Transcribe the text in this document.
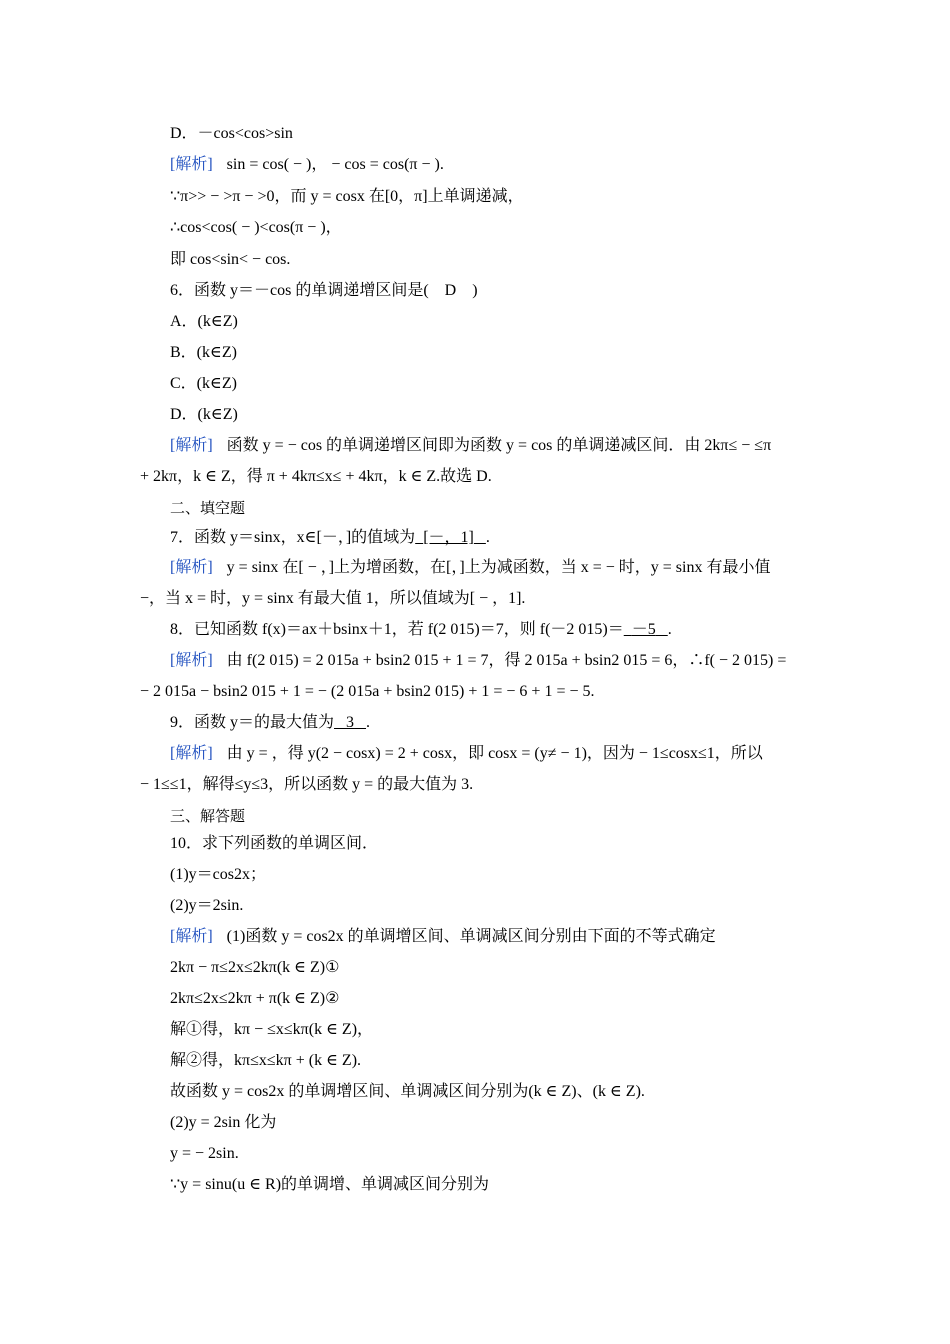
D．－cos<cos>sin
[解析] sin = cos( − )， − cos = cos(π − ).
∵π>> − >π − >0，而 y = cosx 在[0，π]上单调递减，
∴cos<cos( − )<cos(π − )，
即 cos<sin< − cos.
6．函数 y＝－cos 的单调递增区间是(　D　)
A．(k∈Z)
B．(k∈Z)
C．(k∈Z)
D．(k∈Z)
[解析] 函数 y = − cos 的单调递增区间即为函数 y = cos 的单调递减区间．由 2kπ≤ − ≤π
+ 2kπ，k ∈ Z，得 π + 4kπ≤x≤ + 4kπ，k ∈ Z.故选 D.
二、填空题
7．函数 y＝sinx，x∈[－，]的值域为 [－，1] .
[解析] y = sinx 在[ − ，]上为增函数，在[，]上为减函数，当 x = − 时，y = sinx 有最小值
−，当 x = 时，y = sinx 有最大值 1，所以值域为[ − ，1].
8．已知函数 f(x)＝ax＋bsinx＋1，若 f(2 015)＝7，则 f(－2 015)＝ －5 .
[解析] 由 f(2 015) = 2 015a + bsin2 015 + 1 = 7，得 2 015a + bsin2 015 = 6，∴f( − 2 015) =
− 2 015a − bsin2 015 + 1 = − (2 015a + bsin2 015) + 1 = − 6 + 1 = − 5.
9．函数 y＝的最大值为 3 .
[解析] 由 y = ，得 y(2 − cosx) = 2 + cosx，即 cosx = (y≠ − 1)，因为 − 1≤cosx≤1，所以
− 1≤≤1，解得≤y≤3，所以函数 y = 的最大值为 3.
三、解答题
10．求下列函数的单调区间．
(1)y＝cos2x；
(2)y＝2sin.
[解析] (1)函数 y = cos2x 的单调增区间、单调减区间分别由下面的不等式确定
2kπ − π≤2x≤2kπ(k ∈ Z)①
2kπ≤2x≤2kπ + π(k ∈ Z)②
解①得，kπ − ≤x≤kπ(k ∈ Z)，
解②得，kπ≤x≤kπ + (k ∈ Z).
故函数 y = cos2x 的单调增区间、单调减区间分别为(k ∈ Z)、(k ∈ Z).
(2)y = 2sin 化为
y = − 2sin.
∵y = sinu(u ∈ R)的单调增、单调减区间分别为
